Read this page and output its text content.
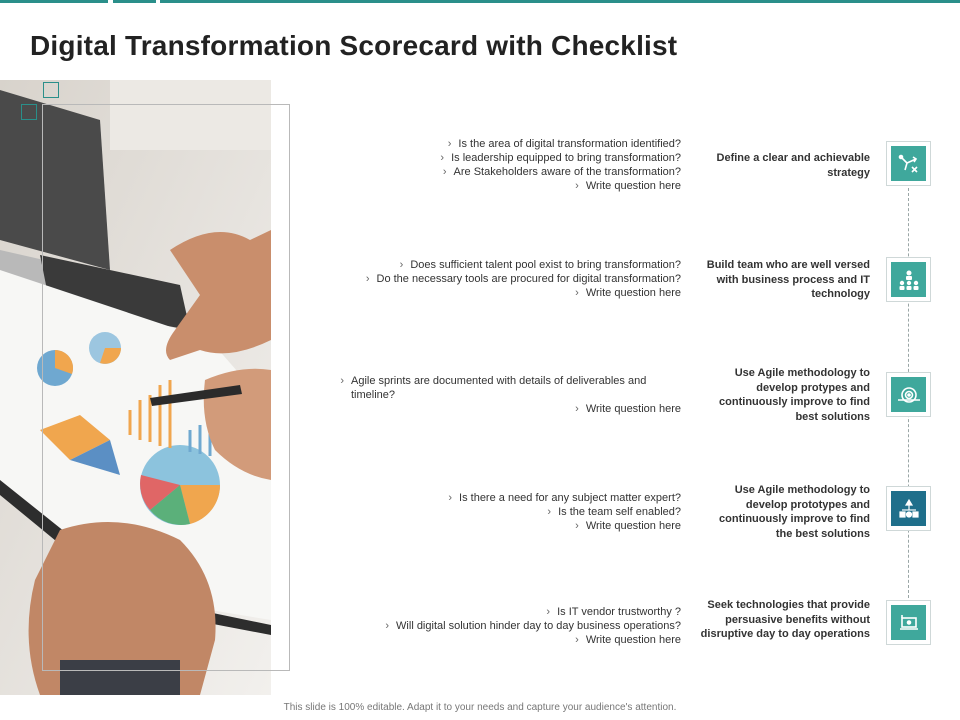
Digital Transformation Scorecard with Checklist
› Is the area of digital transformation identified?
› Is leadership equipped to bring transformation?
› Are Stakeholders aware of the transformation?
› Write question here
Define a clear and achievable strategy
› Does sufficient talent pool exist to bring transformation?
› Do the necessary tools are procured for digital transformation?
› Write question here
Build team who are well versed with business process and IT technology
› Agile sprints are documented with details of deliverables and timeline?
› Write question here
Use Agile methodology to develop protypes and continuously improve to find best solutions
› Is there a need for any subject matter expert?
› Is the team self enabled?
› Write question here
Use Agile methodology to develop prototypes and continuously improve to find the best solutions
› Is IT vendor trustworthy ?
› Will digital solution hinder day to day business operations?
› Write question here
Seek technologies that provide persuasive benefits without disruptive day to day operations
This slide is 100% editable. Adapt it to your needs and capture your audience's attention.
